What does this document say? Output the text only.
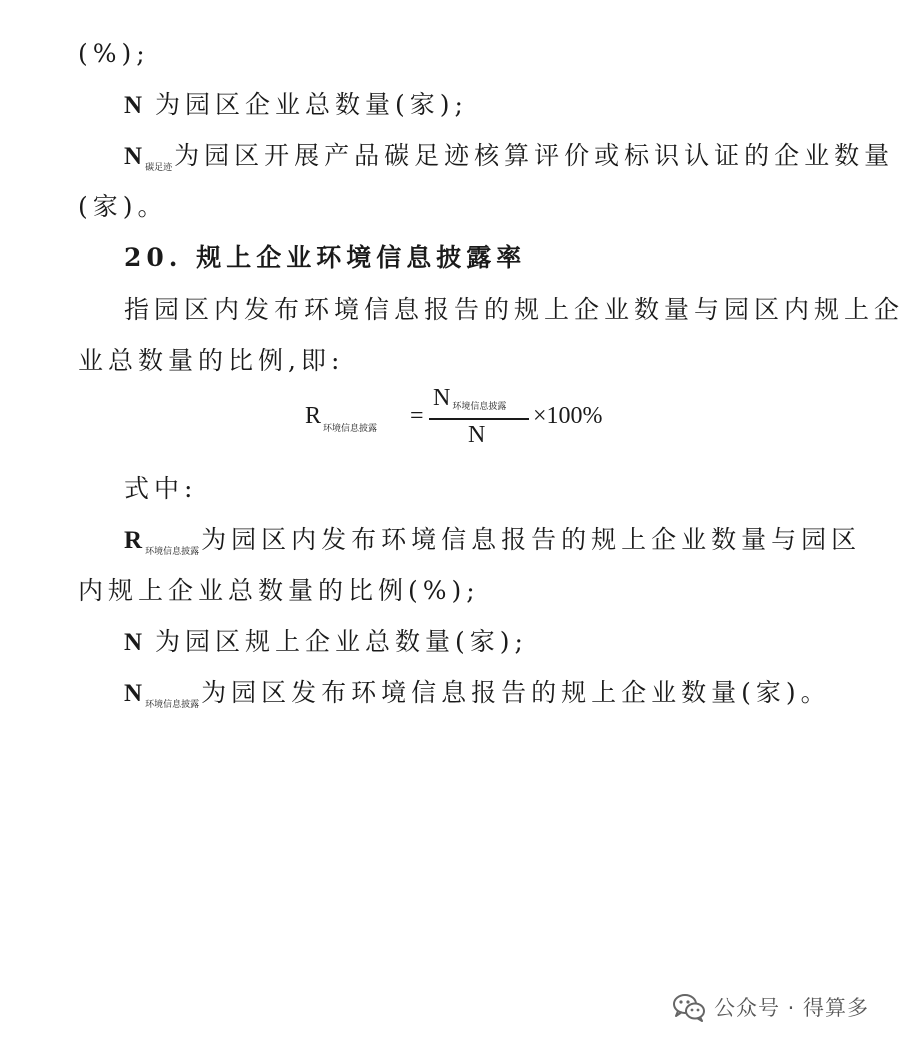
(%);
N 为园区企业总数量(家);
N $_{碳足迹}$为园区开展产品碳足迹核算评价或标识认证的企业数量
(家)。
20. 规上企业环境信息披露率
指园区内发布环境信息报告的规上企业数量与园区内规上企
业总数量的比例,即:
R $_{环境信息披露}$ =
N环境信息披露
N
×100%
式中:
R $_{环境信息披露}$为园区内发布环境信息报告的规上企业数量与园区
内规上企业总数量的比例(%);
N 为园区规上企业总数量(家);
N $_{环境信息披露}$为园区发布环境信息报告的规上企业数量(家)。
公众号 · 得算多
